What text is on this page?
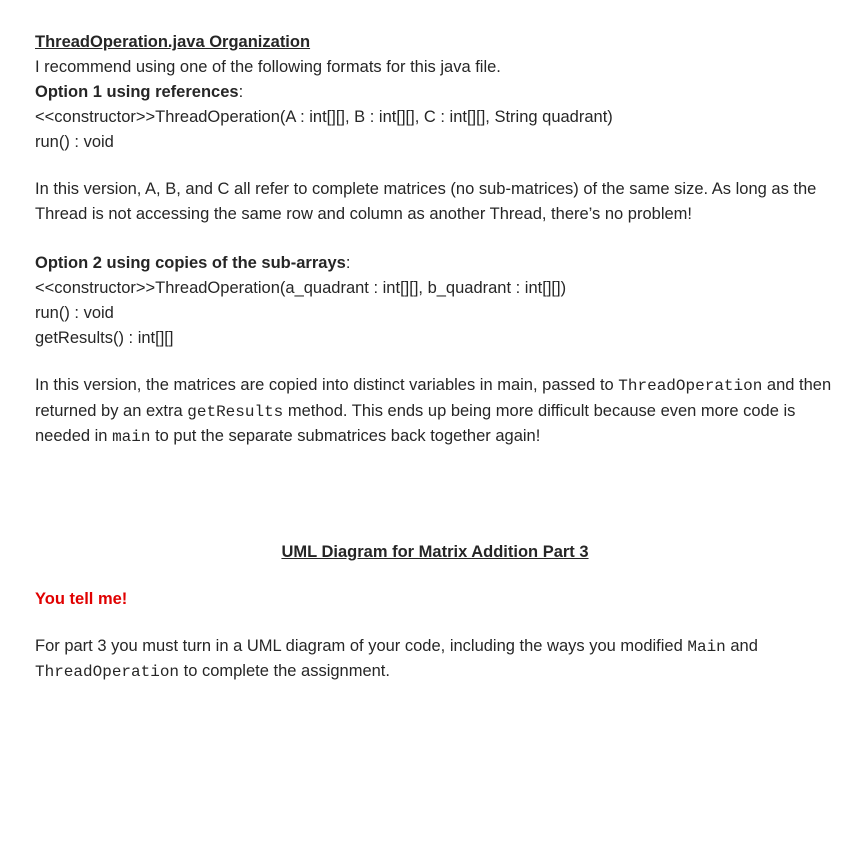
ThreadOperation.java Organization

I recommend using one of the following formats for this java file.

Option 1 using references:

<<constructor>>ThreadOperation(A : int[][], B : int[][], C : int[][], String quadrant)

run() : void

In this version, A, B, and C all refer to complete matrices (no sub-matrices) of the same size. As long as the Thread is not accessing the same row and column as another Thread, there’s no problem!

Option 2 using copies of the sub-arrays:

<<constructor>>ThreadOperation(a_quadrant : int[][], b_quadrant : int[][])

run() : void

getResults() : int[][]

In this version, the matrices are copied into distinct variables in main, passed to ThreadOperation and then returned by an extra getResults method. This ends up being more difficult because even more code is needed in main to put the separate submatrices back together again!

UML Diagram for Matrix Addition Part 3

You tell me!

For part 3 you must turn in a UML diagram of your code, including the ways you modified Main and ThreadOperation to complete the assignment.
